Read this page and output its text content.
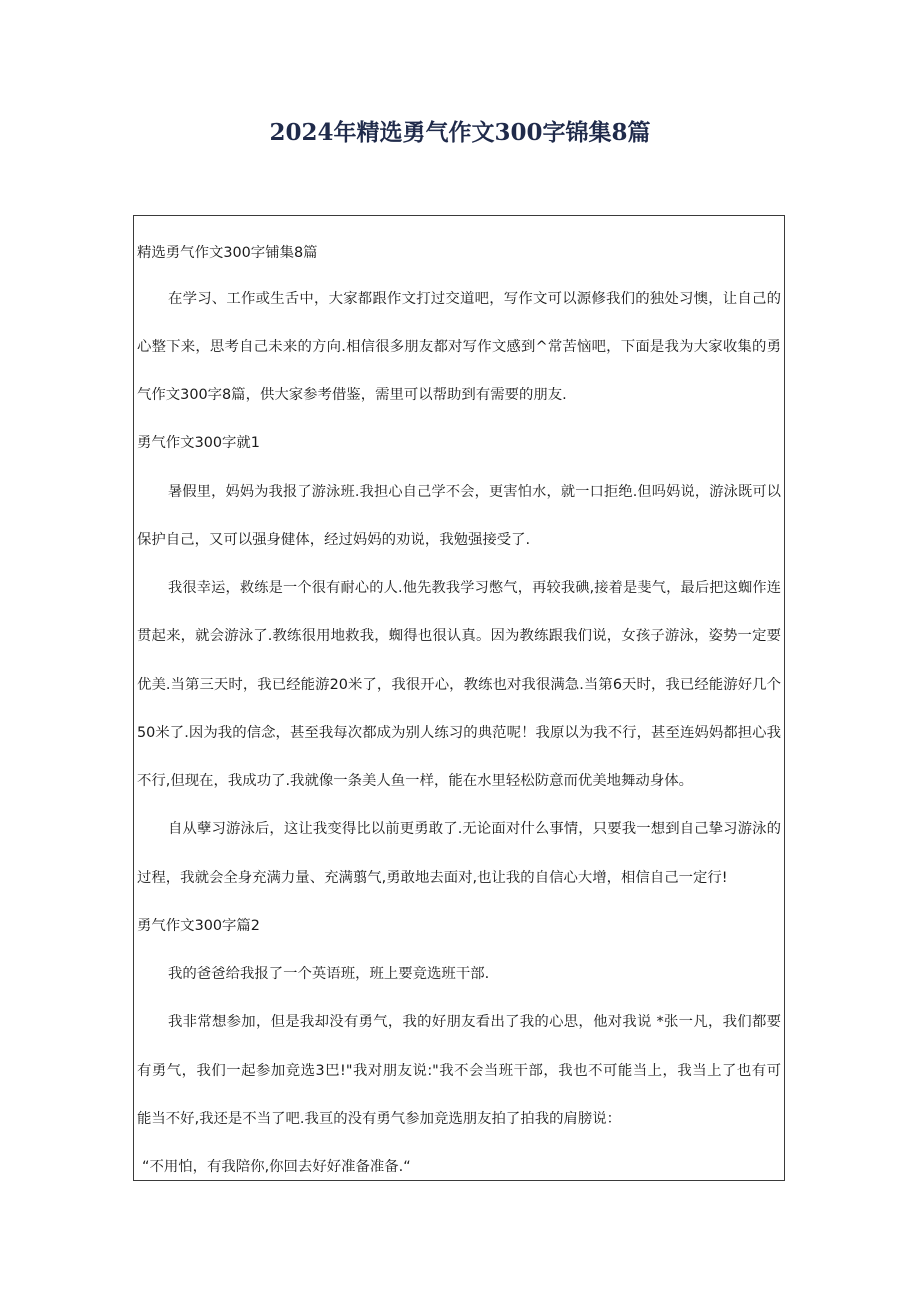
2024年精选勇气作文300字锦集8篇
精选勇气作文300字铺集8篇
在学习、工作或生舌中，大家都跟作文打过交道吧，写作文可以源修我们的独处习懊，让自己的
心整下来，思考自己未来的方向.相信很多朋友都对写作文感到^常苦恼吧，下面是我为大家收集的勇
气作文300字8篇，供大家参考借鉴，需里可以帮助到有需要的朋友.
勇气作文300字就1
暑假里，妈妈为我报了游泳班.我担心自己学不会，更害怕水，就一口拒绝.但吗妈说，游泳既可以
保护自己，又可以强身健体，经过妈妈的劝说，我勉强接受了.
我很幸运，救练是一个很有耐心的人.他先教我学习憋气，再较我碘,接着是斐气，最后把这蜘作连
贯起来，就会游泳了.教练很用地救我，蜘得也很认真。因为教练跟我们说，女孩子游泳，姿势一定要
优美.当第三天时，我已经能游20米了，我很开心，教练也对我很满急.当第6天时，我已经能游好几个
50米了.因为我的信念，甚至我每次都成为别人练习的典范呢！我原以为我不行，甚至连妈妈都担心我
不行,但现在，我成功了.我就像一条美人鱼一样，能在水里轻松防意而优美地舞动身体。
自从孽习游泳后，这让我变得比以前更勇敢了.无论面对什么事情，只要我一想到自己挚习游泳的
过程，我就会全身充满力量、充满翦气,勇敢地去面对,也让我的自信心大增，相信自己一定行!
勇气作文300字篇2
我的爸爸给我报了一个英语班，班上要竞选班干部.
我非常想参加，但是我却没有勇气，我的好朋友看出了我的心思，他对我说 *张一凡，我们都要
有勇气，我们一起参加竞选3巴!"我对朋友说:"我不会当班干部，我也不可能当上，我当上了也有可
能当不好,我还是不当了吧.我亘的没有勇气参加竞选朋友拍了拍我的肩膀说：
“不用怕，有我陪你,你回去好好准备准备.“
